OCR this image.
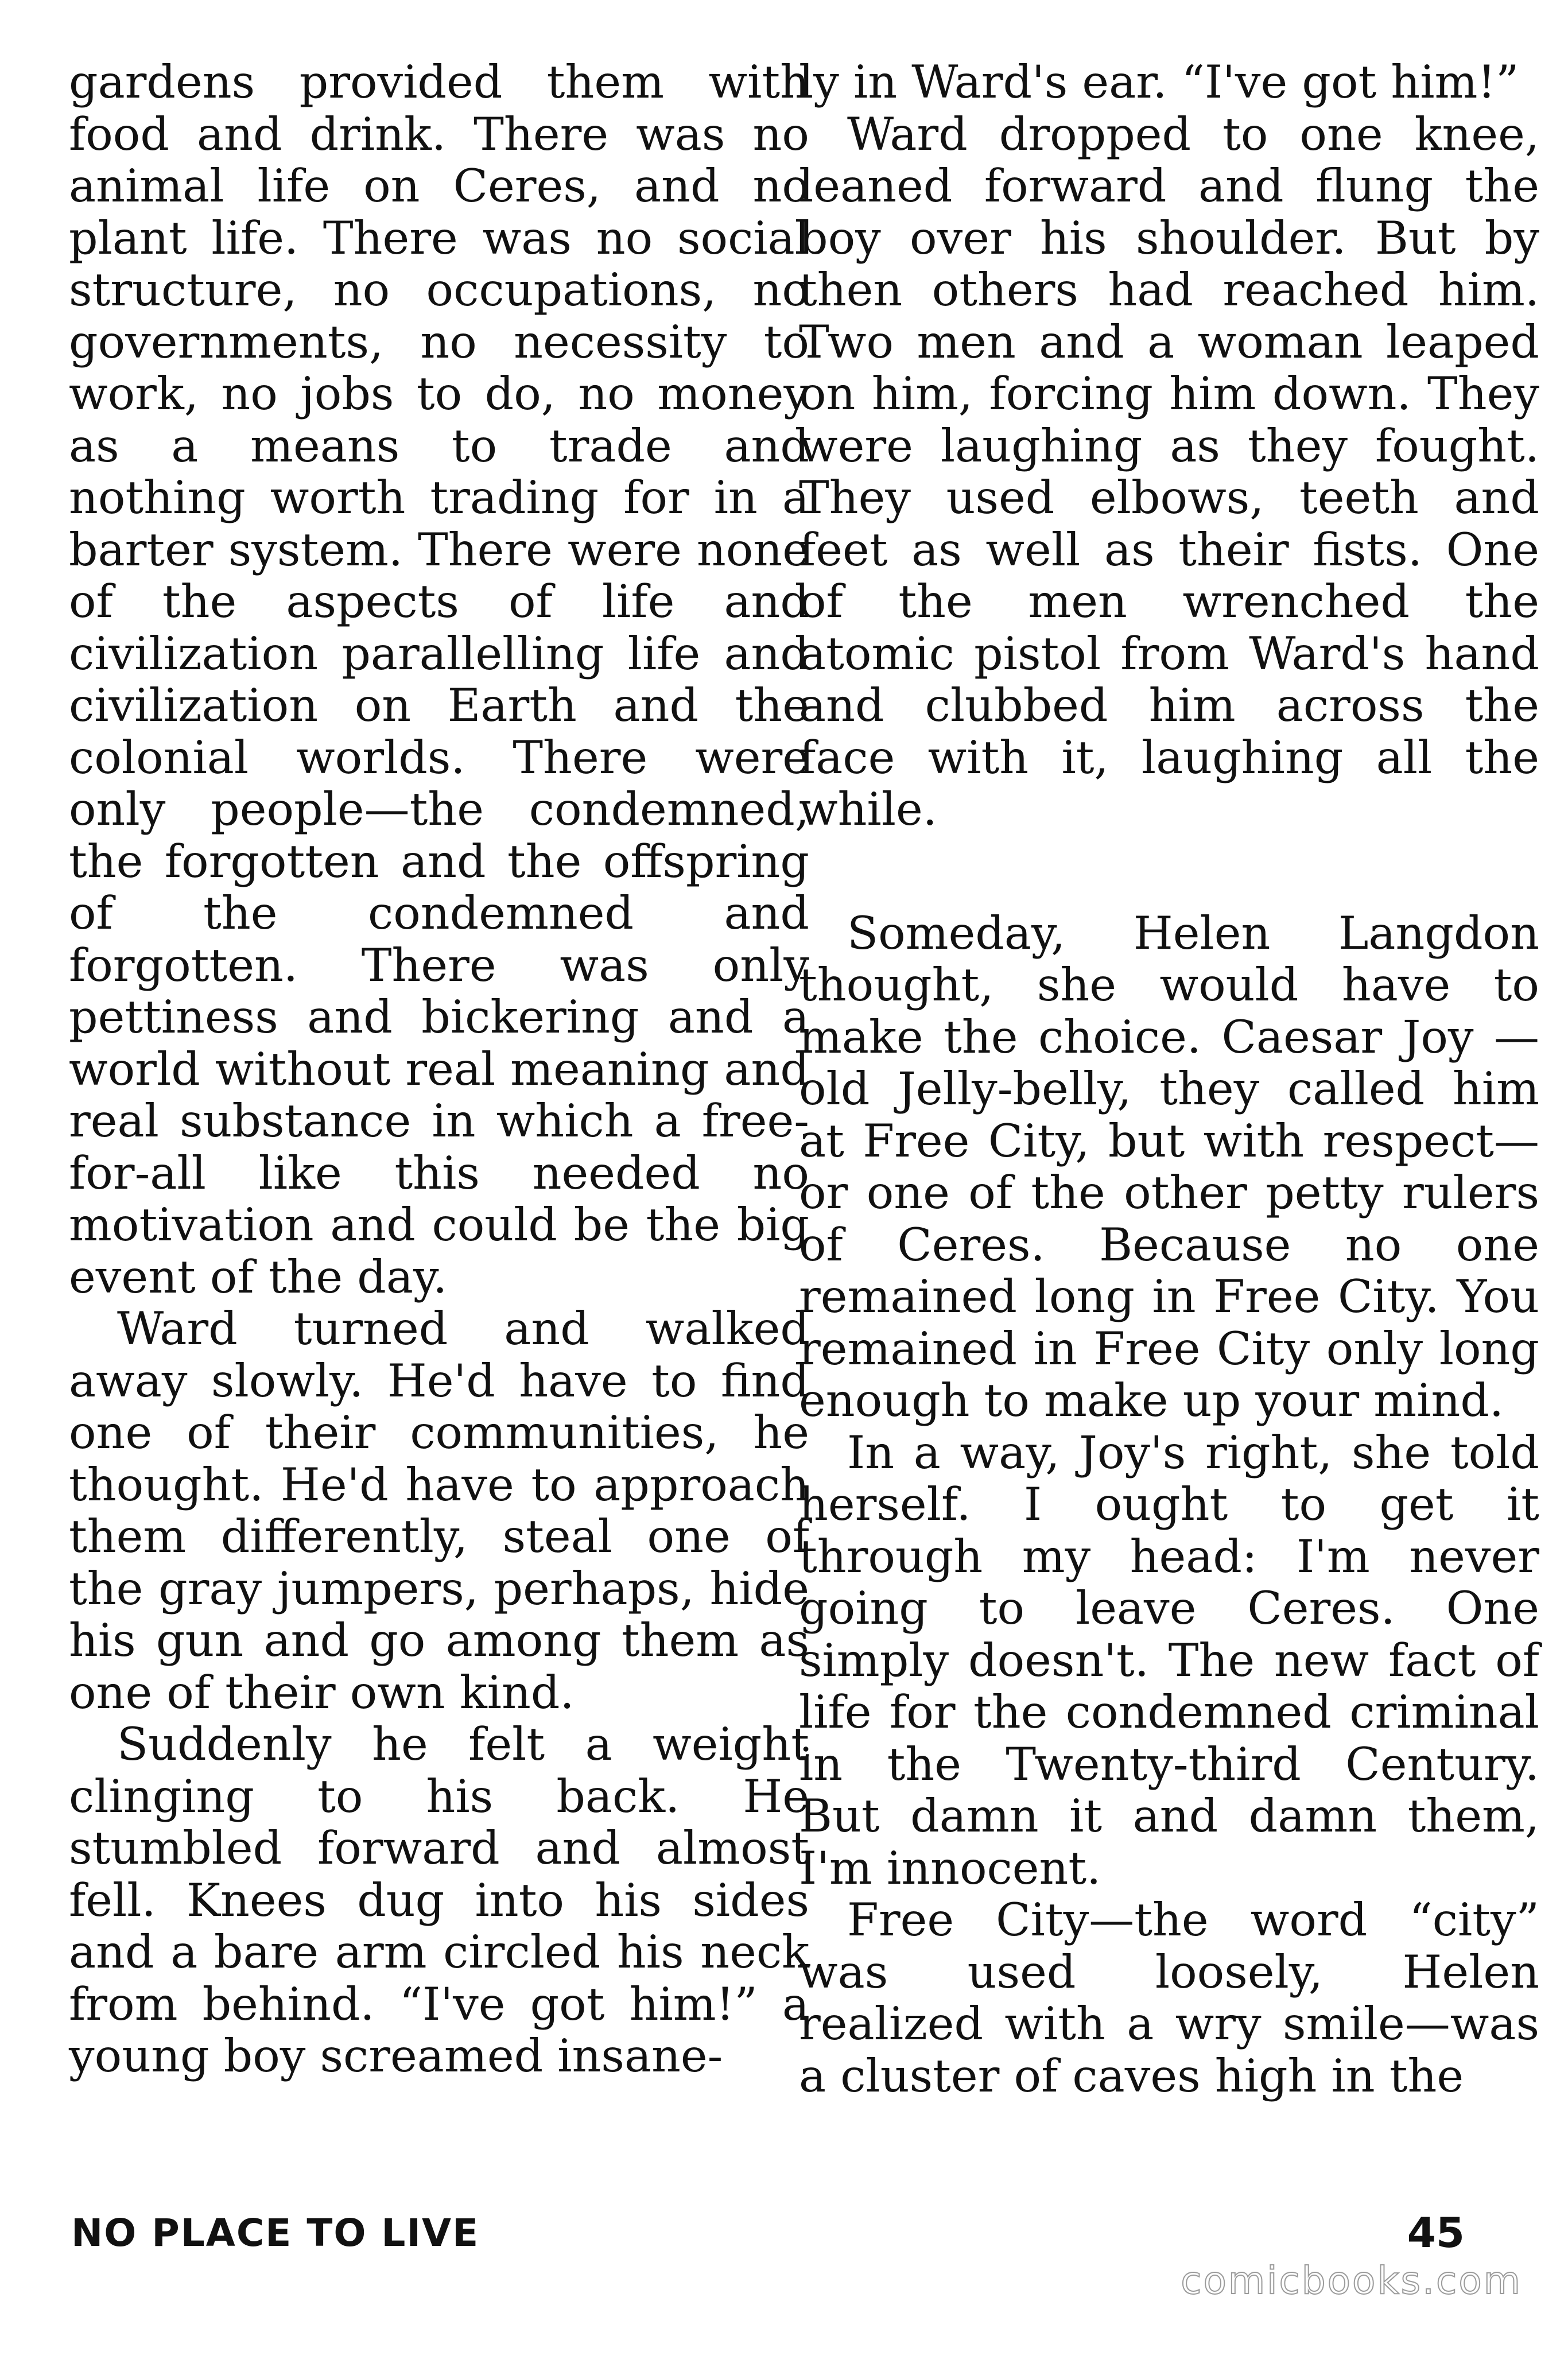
gardens provided them with food and drink. There was no animal life on Ceres, and no plant life. There was no social structure, no occupations, no governments, no necessity to work, no jobs to do, no money as a means to trade and nothing worth trading for in a barter system. There were none of the aspects of life and civilization parallelling life and civilization on Earth and the colonial worlds. There were only people—the condemned, the forgotten and the offspring of the condemned and forgotten. There was only pettiness and bickering and a world without real meaning and real substance in which a free-for-all like this needed no motivation and could be the big event of the day.

Ward turned and walked away slowly. He'd have to find one of their communities, he thought. He'd have to approach them differently, steal one of the gray jumpers, perhaps, hide his gun and go among them as one of their own kind.

Suddenly he felt a weight clinging to his back. He stumbled forward and almost fell. Knees dug into his sides and a bare arm circled his neck from behind. “I've got him!” a young boy screamed insane-

ly in Ward's ear. “I've got him!”

Ward dropped to one knee, leaned forward and flung the boy over his shoulder. But by then others had reached him. Two men and a woman leaped on him, forcing him down. They were laughing as they fought. They used elbows, teeth and feet as well as their fists. One of the men wrenched the atomic pistol from Ward's hand and clubbed him across the face with it, laughing all the while.

Someday, Helen Langdon thought, she would have to make the choice. Caesar Joy —old Jelly-belly, they called him at Free City, but with respect—or one of the other petty rulers of Ceres. Because no one remained long in Free City. You remained in Free City only long enough to make up your mind.

In a way, Joy's right, she told herself. I ought to get it through my head: I'm never going to leave Ceres. One simply doesn't. The new fact of life for the condemned criminal in the Twenty-third Century. But damn it and damn them, I'm innocent.

Free City—the word “city” was used loosely, Helen realized with a wry smile—was a cluster of caves high in the

NO PLACE TO LIVE	45
comicbooks.com
